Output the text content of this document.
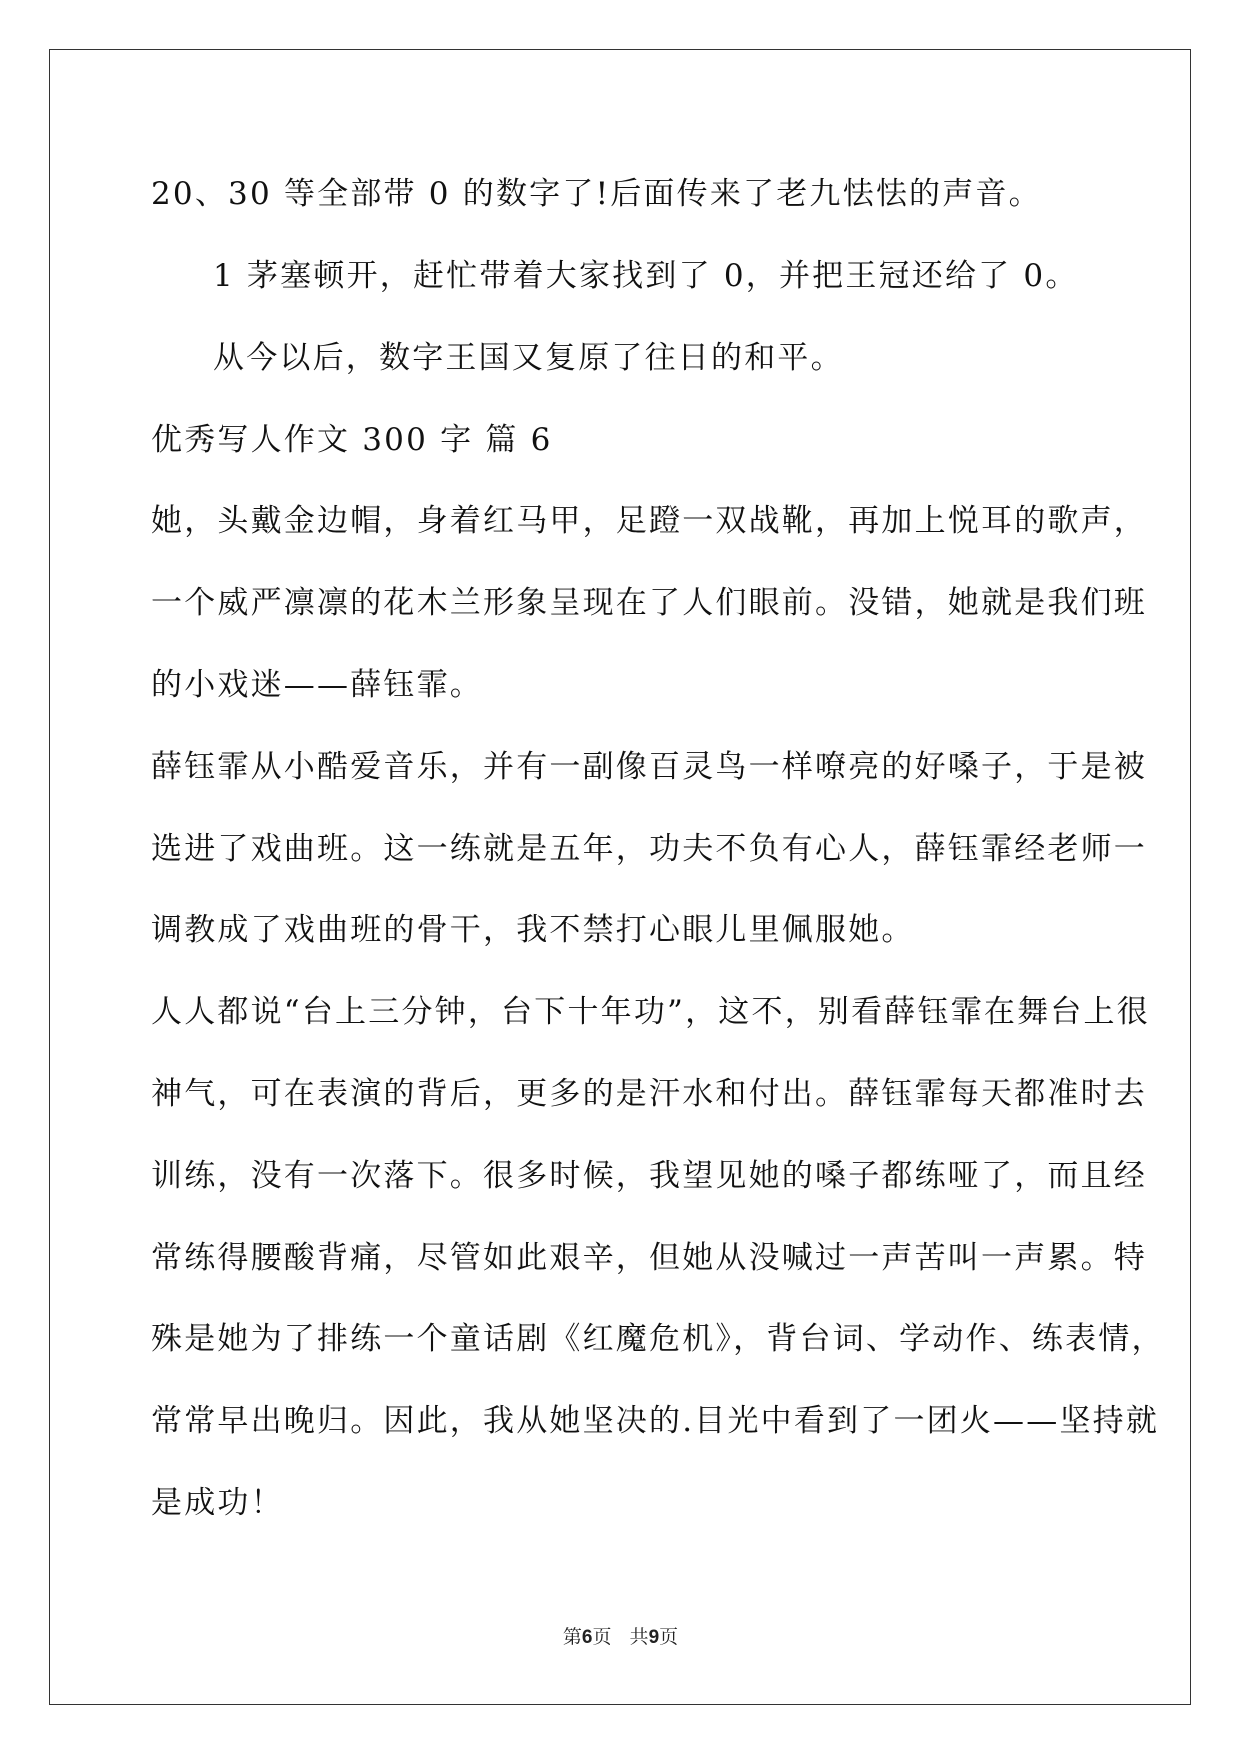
20、30 等全部带 0 的数字了!后面传来了老九怯怯的声音。
1 茅塞顿开，赶忙带着大家找到了 0，并把王冠还给了 0。
从今以后，数字王国又复原了往日的和平。
优秀写人作文 300 字 篇 6
她，头戴金边帽，身着红马甲，足蹬一双战靴，再加上悦耳的歌声，
一个威严凛凛的花木兰形象呈现在了人们眼前。没错，她就是我们班
的小戏迷——薛钰霏。
薛钰霏从小酷爱音乐，并有一副像百灵鸟一样嘹亮的好嗓子，于是被
选进了戏曲班。这一练就是五年，功夫不负有心人，薛钰霏经老师一
调教成了戏曲班的骨干，我不禁打心眼儿里佩服她。
人人都说“台上三分钟，台下十年功”，这不，别看薛钰霏在舞台上很
神气，可在表演的背后，更多的是汗水和付出。薛钰霏每天都准时去
训练，没有一次落下。很多时候，我望见她的嗓子都练哑了，而且经
常练得腰酸背痛，尽管如此艰辛，但她从没喊过一声苦叫一声累。特
殊是她为了排练一个童话剧《红魔危机》，背台词、学动作、练表情，
常常早出晚归。因此，我从她坚决的.目光中看到了一团火——坚持就
是成功！
第6页   共9页
